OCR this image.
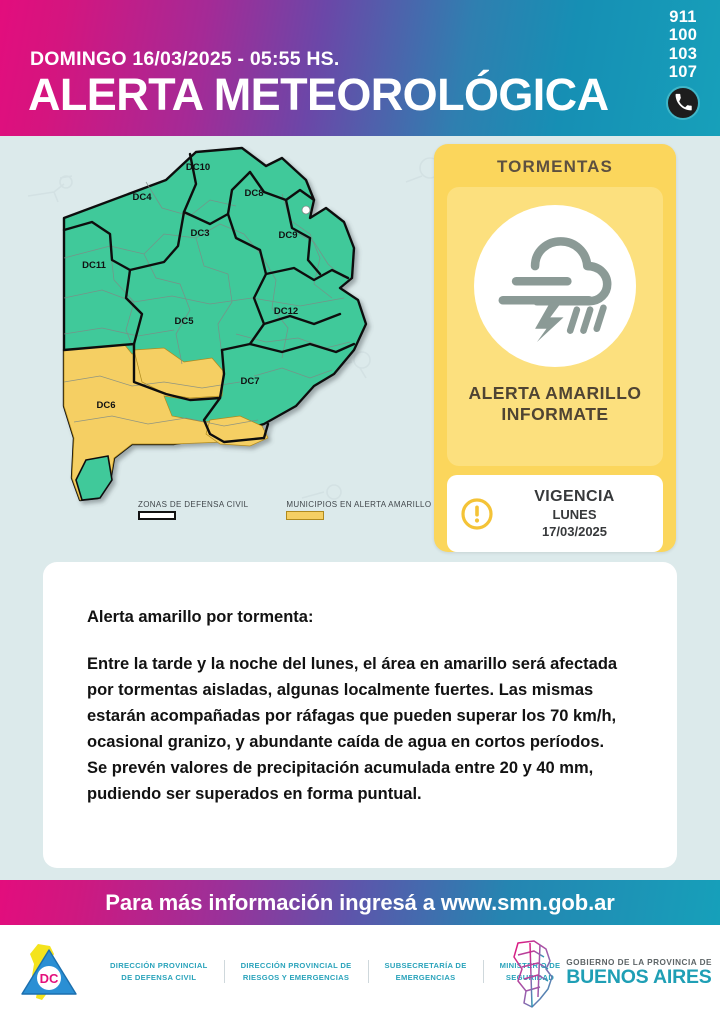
DOMINGO 16/03/2025 - 05:55 HS.
ALERTA METEOROLÓGICA
911
100
103
107
DC10
DC8
DC4
DC3	DC9
DC11
DC12
DC5
DC7
DC6
ZONAS DE DEFENSA CIVIL	MUNICIPIOS EN ALERTA AMARILLO
TORMENTAS
ALERTA AMARILLO
INFORMATE
VIGENCIA
LUNES
17/03/2025
Alerta amarillo por tormenta:

Entre la tarde y la noche del lunes, el área en amarillo será afectada por tormentas aisladas, algunas localmente fuertes. Las mismas estarán acompañadas por ráfagas que pueden superar los 70 km/h, ocasional granizo, y abundante caída de agua en cortos períodos.

Se prevén valores de precipitación acumulada entre 20 y 40 mm, pudiendo ser superados en forma puntual.

Para más información ingresá a www.smn.gob.ar
DC
DIRECCIÓN PROVINCIAL
DE DEFENSA CIVIL
DIRECCIÓN PROVINCIAL DE
RIESGOS Y EMERGENCIAS
SUBSECRETARÍA DE
EMERGENCIAS
MINISTERIO DE
SEGURIDAD
GOBIERNO DE LA PROVINCIA DE
BUENOS AIRES
